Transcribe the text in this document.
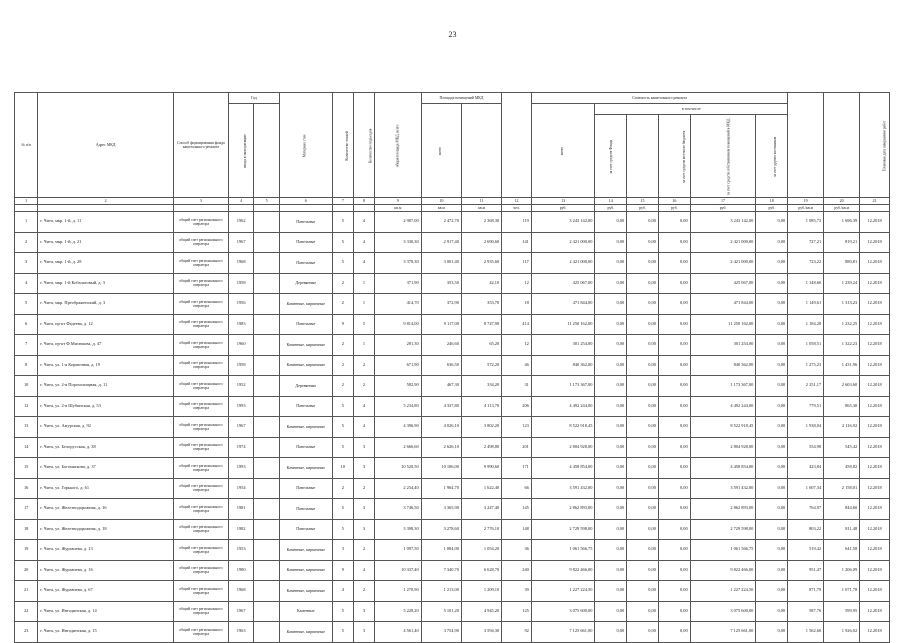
23
№ п/п	Адрес МКД	Способ формирования фонда капитального ремонта	Год		Материал стен	Количество этажей	Количество подъездов	общая площадь МКД, всего	Площадь помещений МКД			Стоимость капитального ремонта								Плановая дата завершения работ
			ввода в эксплуатацию						всего			всего	в том числе							
													за счет средств Фонда		за счет средств местного бюджета	за счет средств собственников помещений в МКД	за счет других источников			
1	2	3	4	5	6	7	8	9	10	11	12	13	14	15	16	17	18	19	20	21
								кв.м	кв.м	кв.м	чел.	руб.	руб.	руб.	руб.	руб.	руб.	руб./кв.м	руб./кв.м	
1	г. Чита, мкр. 1-й, д. 11	общий счет регионального оператора	1962		Панельные	5	4	2 987,00	2 472,70	2 368,30	119	3 243 142,00	0,00	0,00	0,00	3 243 142,00	0,00	1 085,73	1 696,39	12.2018
2	г. Чита, мкр. 1-й, д. 21	общий счет регионального оператора	1967		Панельные	5	4	3 330,30	2 917,40	2 690,60	141	2 421 000,00	0,00	0,00	0,00	2 421 000,00	0,00	727,21	819,21	12.2018
3	г. Чита, мкр. 1-й, д. 28	общий счет регионального оператора	1968		Панельные	5	4	3 378,30	3 001,40	2 935,60	117	2 421 000,00	0,00	0,00	0,00	2 421 000,00	0,00	723,22	880,81	12.2018
4	г. Чита, мкр. 1-й Кобальтовый, д. 3	общий счет регионального оператора	1958		Деревянные	2	1	371,90	353,50	42,10	12	425 067,00	0,00	0,00	0,00	425 067,00	0,00	1 148,60	1 239,24	12.2018
5	г. Чита, мкр. Преображенский, д. 3	общий счет регионального оператора	1956		Каменные, кирпичные	2	1	414,70	372,90	353,70	18	471 844,00	0,00	0,00	0,00	471 844,00	0,00	1 149,61	1 313,23	12.2018
6	г. Чита, пр-кт Фадеева, д. 12	общий счет регионального оператора	1983		Панельные	9	5	9 814,00	9 117,00	8 747,90	414	11 250 162,00	0,00	0,00	0,00	11 250 162,00	0,00	1 184,28	1 232,25	12.2018
7	г. Чита, пр-кт Ф.Мисюкова, д. 47	общий счет регионального оператора	1960		Каменные, кирпичные	2	1	281,30	246,60	65,20	12	301 254,00	0,00	0,00	0,00	301 254,00	0,00	1 058,51	1 322,23	12.2018
8	г. Чита, ул. 1-я Кирпичная, д. 19	общий счет регионального оператора	1958		Каменные, кирпичные	2	2	671,90	636,50	572,20	46	840 362,00	0,00	0,00	0,00	840 362,00	0,00	1 275,23	1 431,96	12.2018
10	г. Чита, ул. 2-я Порохолищная, д. 11	общий счет регионального оператора	1952		Деревянные	2	2	582,90	467,30	334,20	31	1 173 367,00	0,00	0,00	0,00	1 173 367,00	0,00	2 251,17	2 603,60	12.2018
12	г. Чита, ул. 2-я Шубинская, д. 53	общий счет регионального оператора	1993		Панельные	5	4	5 234,80	4 337,80	4 113,70	206	4 492 244,00	0,00	0,00	0,00	4 492 244,00	0,00	779,51	865,30	12.2018
13	г. Чита, ул. Амурская, д. 92	общий счет регионального оператора	1967		Каменные, кирпичные	5	4	4 396,90	4 026,10	3 802,20	123	8 522 918,45	0,00	0,00	0,00	8 522 918,45	0,00	1 938,04	2 116,92	12.2018
14	г. Чита, ул. Белорусская, д. 38	общий счет регионального оператора	1974		Панельные	5	3	2 666,60	2 626,10	2 498,80	201	2 804 928,00	0,00	0,00	0,00	2 804 928,00	0,00	554,90	545,42	12.2018
15	г. Чита, ул. Богомягкова, д. 37	общий счет регионального оператора	1993		Каменные, кирпичные	10	3	10 520,50	10 106,00	9 990,60	171	4 458 854,00	0,00	0,00	0,00	4 458 854,00	0,00	423,84	458,82	12.2018
16	г. Чита, ул. Горького, д. 61	общий счет регионального оператора	1954		Панельные	2	2	2 234,40	1 964,70	1 622,40	66	3 591 432,00	0,00	0,00	0,00	3 591 432,00	0,00	1 607,34	2 158,01	12.2018
17	г. Чита, ул. Железнодорожная, д. 16	общий счет регионального оператора	1981		Панельные	5	3	3 746,50	3 365,90	3 247,40	145	2 862 893,00	0,00	0,00	0,00	2 862 893,00	0,00	764,97	844,60	12.2018
18	г. Чита, ул. Железнодорожная, д. 18	общий счет регионального оператора	1982		Панельные	5	3	3 398,30	3 278,60	2 776,10	148	2 729 598,00	0,00	0,00	0,00	2 729 598,00	0,00	803,22	811,48	12.2018
19	г. Чита, ул. Журавлева, д. 13	общий счет регионального оператора	1953		Каменные, кирпичные	3	2	1 097,50	1 084,00	1 054,20	36	1 061 566,75	0,00	0,00	0,00	1 061 566,75	0,00	519,42	641,58	12.2018
20	г. Чита, ул. Журавлева, д. 16	общий счет регионального оператора	1980		Каменные, кирпичные	9	4	10 337,40	7 340,70	6 628,70	240	9 822 466,00	0,00	0,00	0,00	9 822 466,00	0,00	951,47	1 206,09	12.2018
21	г. Чита, ул. Журавлева, д. 67	общий счет регионального оператора	1968		Каменные, кирпичные	4	2	1 270,90	1 213,00	1 209,10	39	1 227 224,50	0,00	0,00	0,00	1 227 224,50	0,00	871,79	1 071,78	12.2018
22	г. Чита, ул. Ингодинская, д. 14	общий счет регионального оператора	1967		Каменные	5	3	5 228,20	5 101,20	4 945,20	125	3 075 600,00	0,00	0,00	0,00	3 075 600,00	0,00	587,76	599,95	12.2018
23	г. Чита, ул. Ингодинская, д. 15	общий счет регионального оператора	1963		Каменные, кирпичные	5	3	4 561,40	3 754,90	3 594,30	92	7 125 661,00	0,00	0,00	0,00	7 125 661,00	0,00	1 562,60	1 926,02	12.2018
